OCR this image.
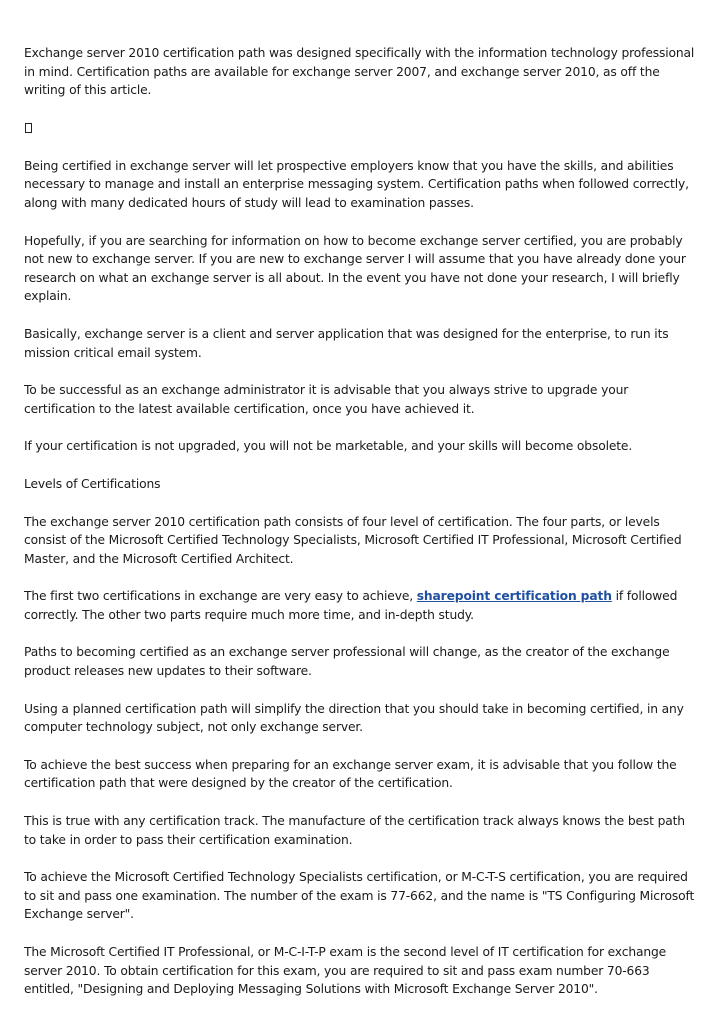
Exchange server 2010 certification path was designed specifically with the information technology professional in mind. Certification paths are available for exchange server 2007, and exchange server 2010, as off the writing of this article.

Being certified in exchange server will let prospective employers know that you have the skills, and abilities necessary to manage and install an enterprise messaging system. Certification paths when followed correctly, along with many dedicated hours of study will lead to examination passes.

Hopefully, if you are searching for information on how to become exchange server certified, you are probably not new to exchange server. If you are new to exchange server I will assume that you have already done your research on what an exchange server is all about. In the event you have not done your research, I will briefly explain.

Basically, exchange server is a client and server application that was designed for the enterprise, to run its mission critical email system.

To be successful as an exchange administrator it is advisable that you always strive to upgrade your certification to the latest available certification, once you have achieved it.

If your certification is not upgraded, you will not be marketable, and your skills will become obsolete.

Levels of Certifications

The exchange server 2010 certification path consists of four level of certification. The four parts, or levels consist of the Microsoft Certified Technology Specialists, Microsoft Certified IT Professional, Microsoft Certified Master, and the Microsoft Certified Architect.

The first two certifications in exchange are very easy to achieve, sharepoint certification path if followed correctly. The other two parts require much more time, and in-depth study.

Paths to becoming certified as an exchange server professional will change, as the creator of the exchange product releases new updates to their software.

Using a planned certification path will simplify the direction that you should take in becoming certified, in any computer technology subject, not only exchange server.

To achieve the best success when preparing for an exchange server exam, it is advisable that you follow the certification path that were designed by the creator of the certification.

This is true with any certification track. The manufacture of the certification track always knows the best path to take in order to pass their certification examination.

To achieve the Microsoft Certified Technology Specialists certification, or M-C-T-S certification, you are required to sit and pass one examination. The number of the exam is 77-662, and the name is "TS Configuring Microsoft Exchange server".

The Microsoft Certified IT Professional, or M-C-I-T-P exam is the second level of IT certification for exchange server 2010. To obtain certification for this exam, you are required to sit and pass exam number 70-663 entitled, "Designing and Deploying Messaging Solutions with Microsoft Exchange Server 2010".
